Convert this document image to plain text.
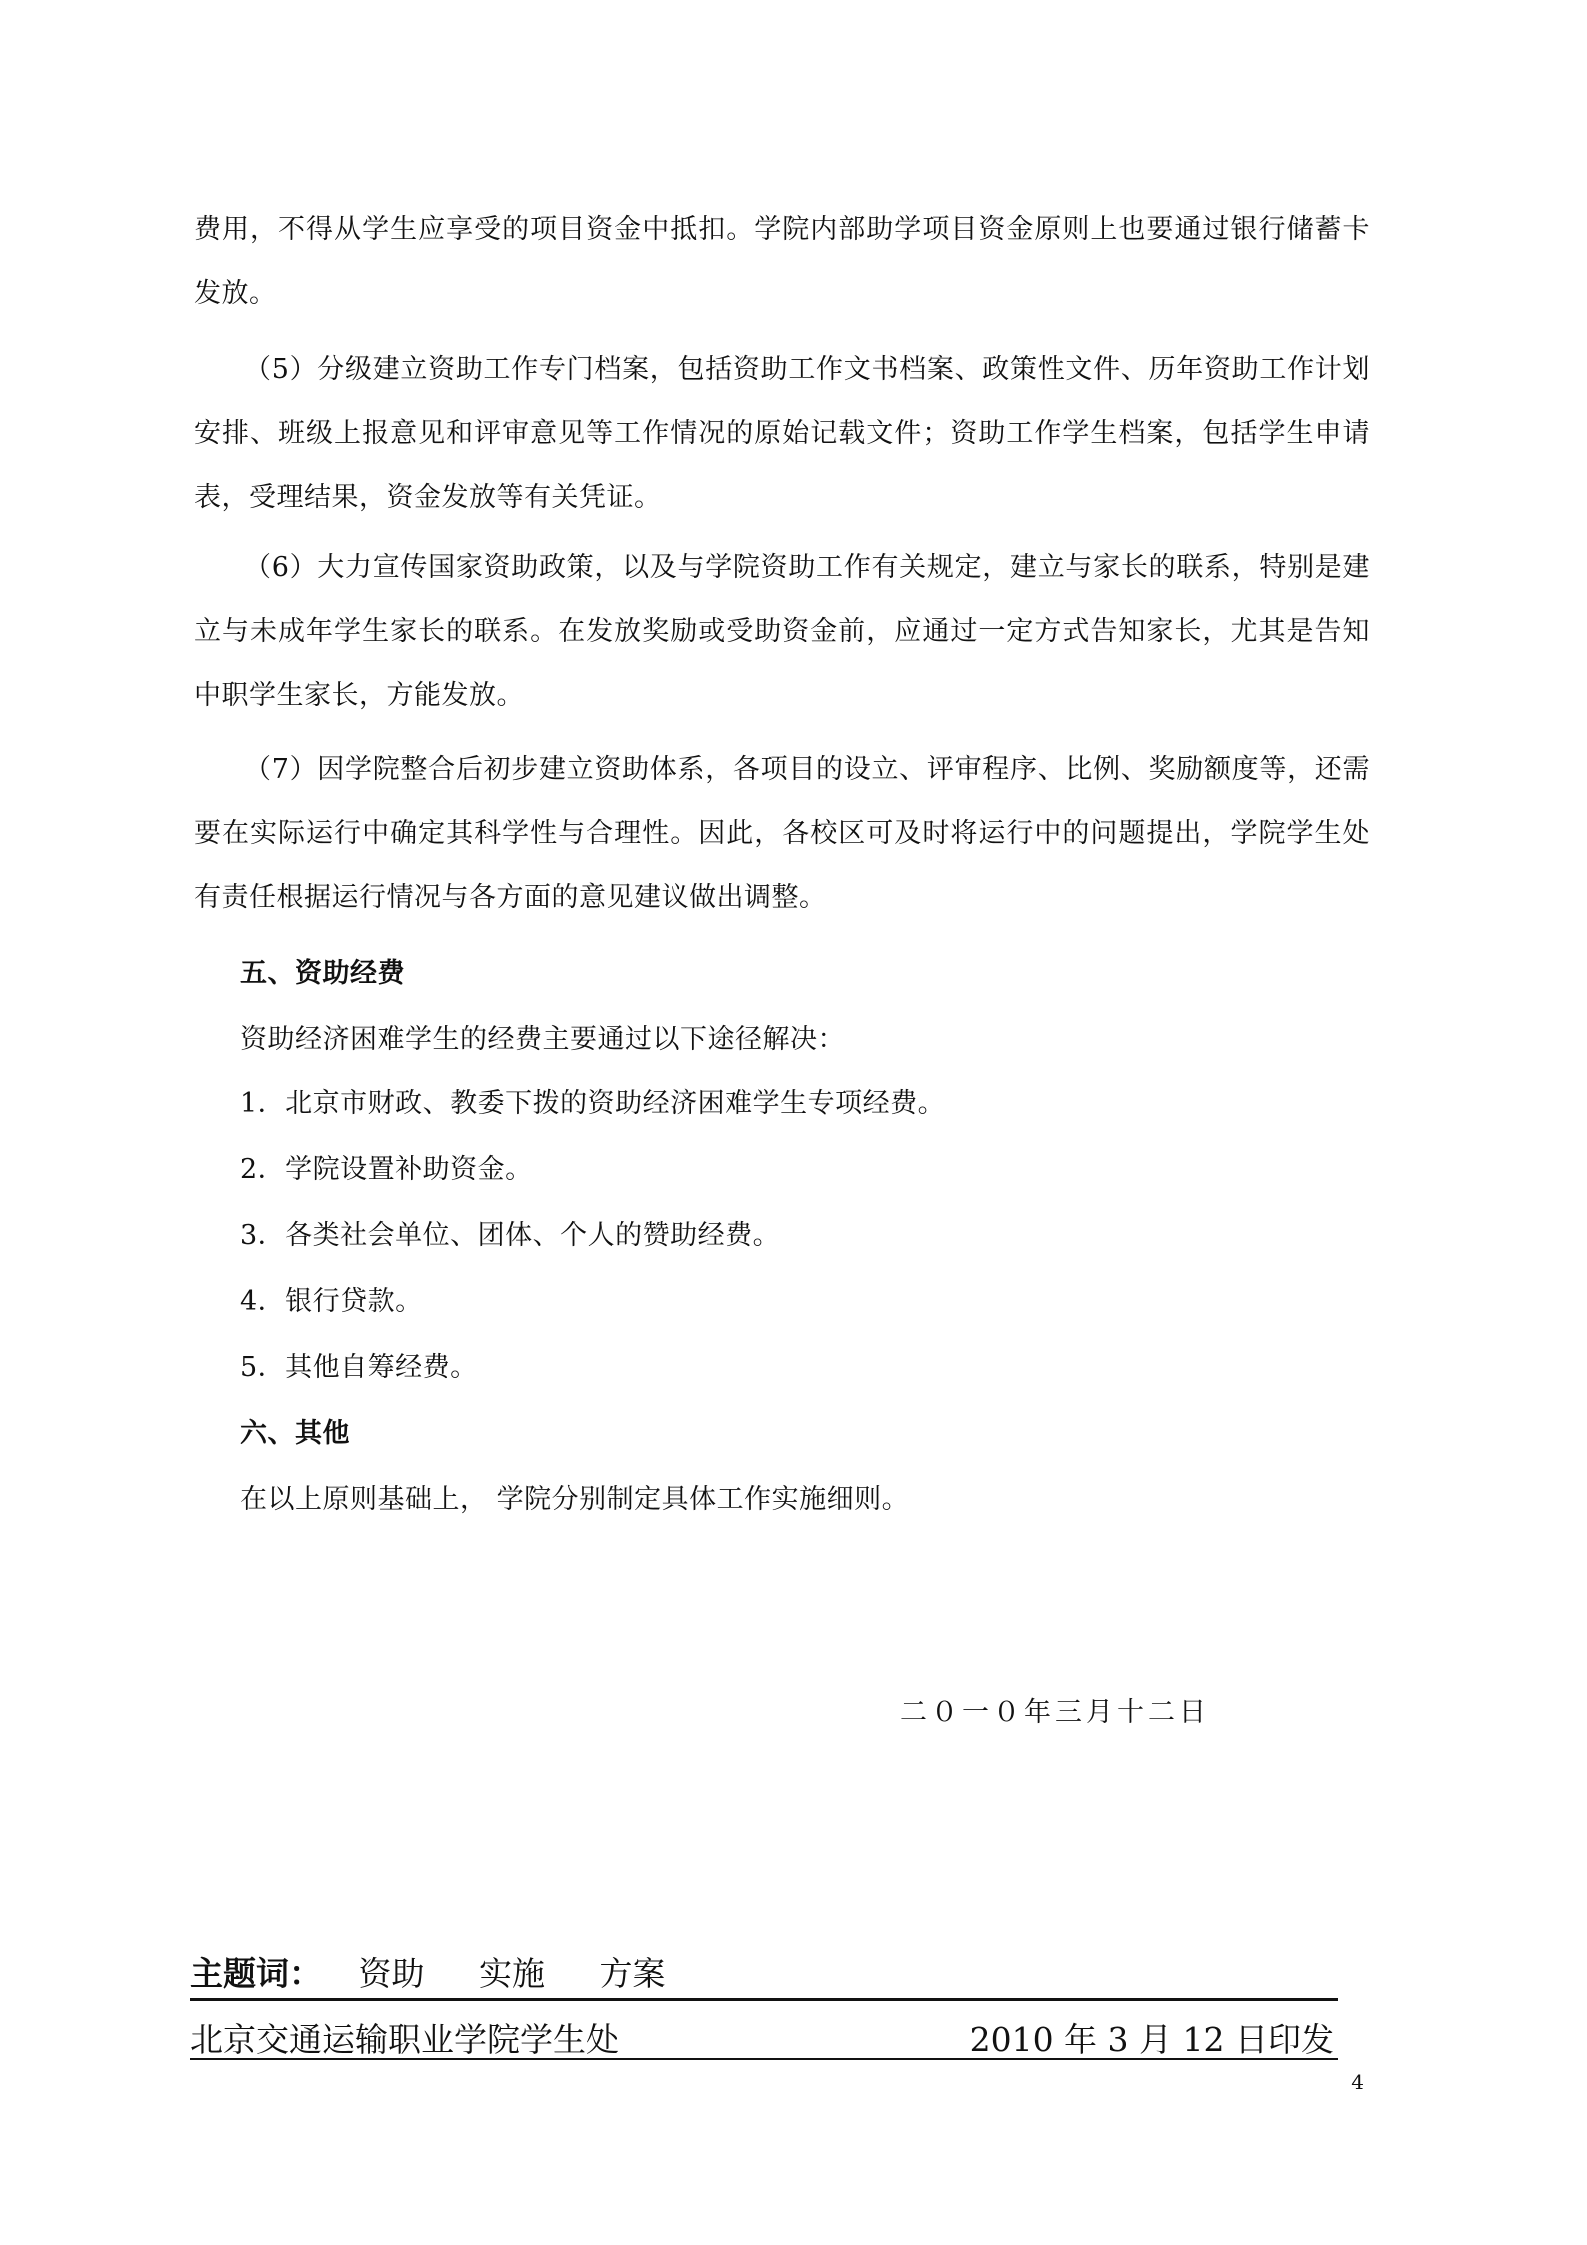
费用，不得从学生应享受的项目资金中抵扣。学院内部助学项目资金原则上也要通过银行储蓄卡发放。

（5）分级建立资助工作专门档案，包括资助工作文书档案、政策性文件、历年资助工作计划安排、班级上报意见和评审意见等工作情况的原始记载文件；资助工作学生档案，包括学生申请表，受理结果，资金发放等有关凭证。

（6）大力宣传国家资助政策，以及与学院资助工作有关规定，建立与家长的联系，特别是建立与未成年学生家长的联系。在发放奖励或受助资金前，应通过一定方式告知家长，尤其是告知中职学生家长，方能发放。

（7）因学院整合后初步建立资助体系，各项目的设立、评审程序、比例、奖励额度等，还需要在实际运行中确定其科学性与合理性。因此，各校区可及时将运行中的问题提出，学院学生处有责任根据运行情况与各方面的意见建议做出调整。

五、资助经费

资助经济困难学生的经费主要通过以下途径解决：

1．北京市财政、教委下拨的资助经济困难学生专项经费。

2．学院设置补助资金。

3．各类社会单位、团体、个人的赞助经费。

4．银行贷款。

5．其他自筹经费。

六、其他

在以上原则基础上， 学院分别制定具体工作实施细则。

二０一０年三月十二日
主题词： 资助 实施 方案
北京交通运输职业学院学生处	2010 年 3 月 12 日印发
4
